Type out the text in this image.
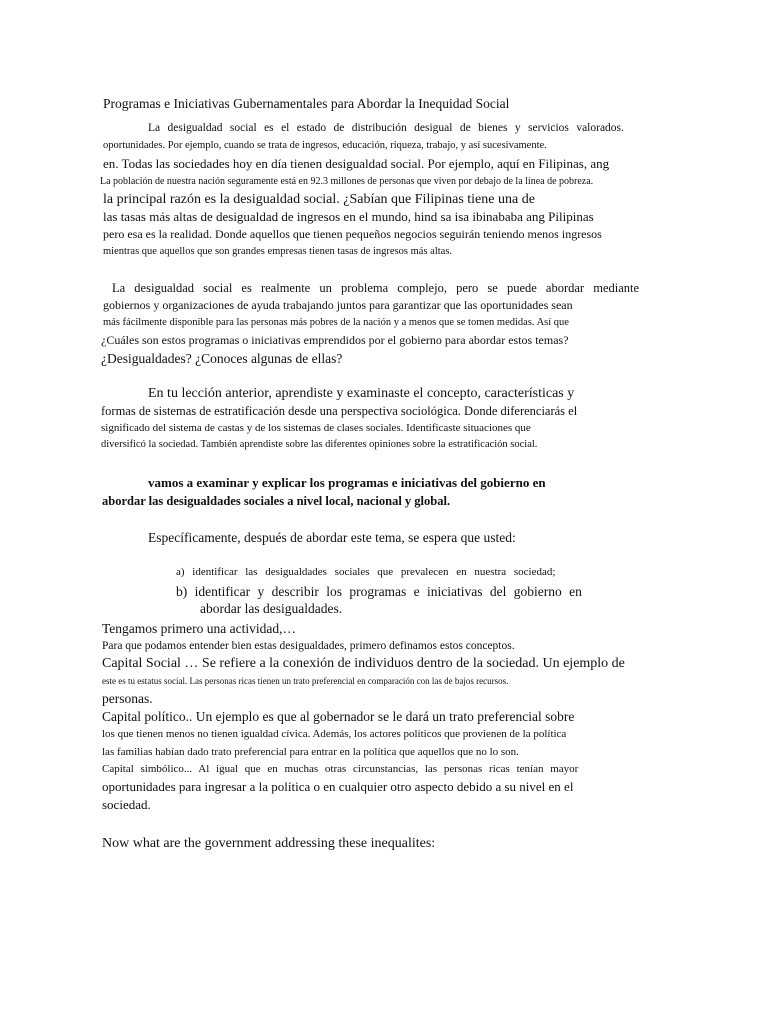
Programas e Iniciativas Gubernamentales para Abordar la Inequidad Social
La desigualdad social es el estado de distribución desigual de bienes y servicios valorados.
oportunidades. Por ejemplo, cuando se trata de ingresos, educación, riqueza, trabajo, y así sucesivamente.
en. Todas las sociedades hoy en día tienen desigualdad social. Por ejemplo, aquí en Filipinas, ang
La población de nuestra nación seguramente está en 92.3 millones de personas que viven por debajo de la línea de pobreza.
la principal razón es la desigualdad social. ¿Sabían que Filipinas tiene una de
las tasas más altas de desigualdad de ingresos en el mundo, hind sa isa ibinababa ang Pilipinas
pero esa es la realidad. Donde aquellos que tienen pequeños negocios seguirán teniendo menos ingresos
mientras que aquellos que son grandes empresas tienen tasas de ingresos más altas.
La desigualdad social es realmente un problema complejo, pero se puede abordar mediante
gobiernos y organizaciones de ayuda trabajando juntos para garantizar que las oportunidades sean
más fácilmente disponible para las personas más pobres de la nación y a menos que se tomen medidas. Así que
¿Cuáles son estos programas o iniciativas emprendidos por el gobierno para abordar estos temas?
¿Desigualdades? ¿Conoces algunas de ellas?
En tu lección anterior, aprendiste y examinaste el concepto, características y
formas de sistemas de estratificación desde una perspectiva sociológica. Donde diferenciarás el
significado del sistema de castas y de los sistemas de clases sociales. Identificaste situaciones que
diversificó la sociedad. También aprendiste sobre las diferentes opiniones sobre la estratificación social.
vamos a examinar y explicar los programas e iniciativas del gobierno en
abordar las desigualdades sociales a nivel local, nacional y global.
Específicamente, después de abordar este tema, se espera que usted:
a) identificar las desigualdades sociales que prevalecen en nuestra sociedad;
b) identificar y describir los programas e iniciativas del gobierno en
abordar las desigualdades.
Tengamos primero una actividad,…
Para que podamos entender bien estas desigualdades, primero definamos estos conceptos.
Capital Social … Se refiere a la conexión de individuos dentro de la sociedad. Un ejemplo de
este es tu estatus social. Las personas ricas tienen un trato preferencial en comparación con las de bajos recursos.
personas.
Capital político.. Un ejemplo es que al gobernador se le dará un trato preferencial sobre
los que tienen menos no tienen igualdad cívica. Además, los actores políticos que provienen de la política
las familias habían dado trato preferencial para entrar en la política que aquellos que no lo son.
Capital simbólico... Al igual que en muchas otras circunstancias, las personas ricas tenían mayor
oportunidades para ingresar a la política o en cualquier otro aspecto debido a su nivel en el
sociedad.
Now what are the government addressing these inequalites:
